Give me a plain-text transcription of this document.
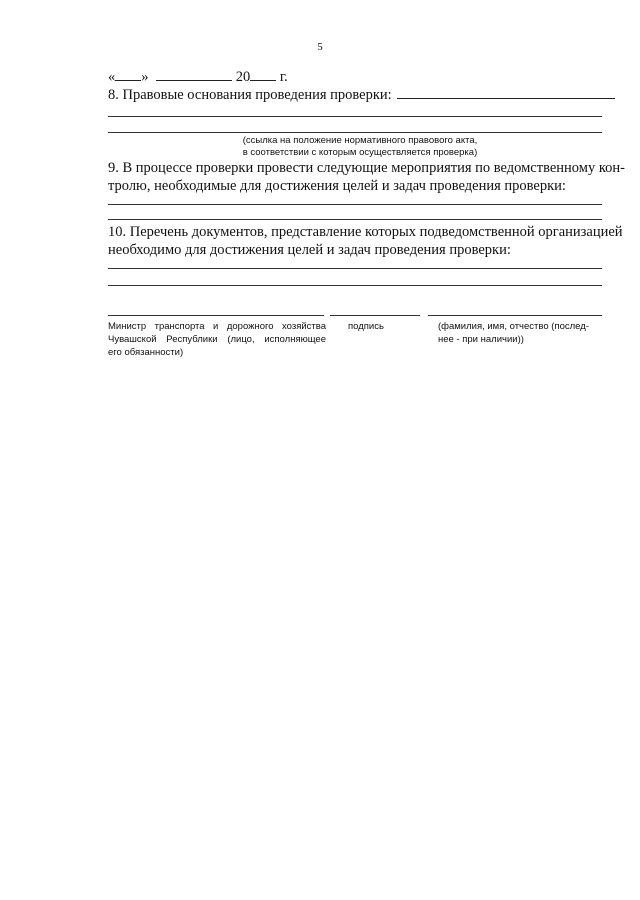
5
« »	20 г.
8. Правовые основания проведения проверки:
(ссылка на положение нормативного правового акта,
в соответствии с которым осуществляется проверка)
9. В процессе проверки провести следующие мероприятия по ведомственному кон-
тролю, необходимые для достижения целей и задач проведения проверки:
10. Перечень документов, представление которых подведомственной организацией
необходимо для достижения целей и задач проведения проверки:
Министр транспорта и дорожного хозяйства
Чувашской Республики (лицо, исполняющее
его обязанности)
подпись	(фамилия, имя, отчество (послед-
нее - при наличии))
